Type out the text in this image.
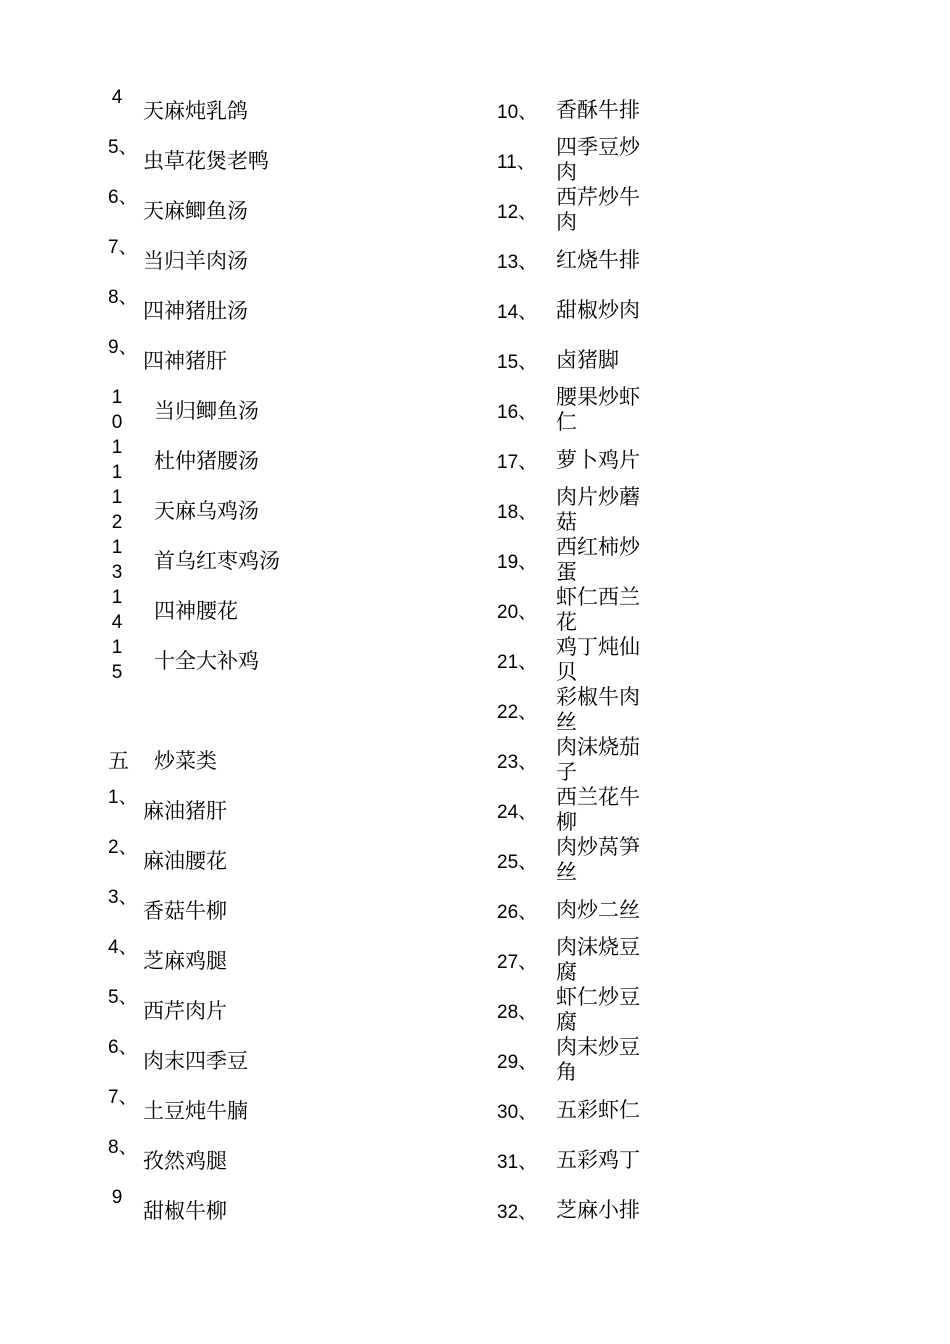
4
天麻炖乳鸽
5、
虫草花煲老鸭
6、
天麻鲫鱼汤
7、
当归羊肉汤
8、
四神猪肚汤
9、
四神猪肝
10 当归鲫鱼汤
11 杜仲猪腰汤
12 天麻乌鸡汤
13 首乌红枣鸡汤
14 四神腰花
15 十全大补鸡
五 炒菜类
1、
麻油猪肝
2、
麻油腰花
3、
香菇牛柳
4、
芝麻鸡腿
5、
西芹肉片
6、
肉末四季豆
7、
土豆炖牛腩
8、
孜然鸡腿
9
甜椒牛柳
10、 香酥牛排
11、
四季豆炒肉
12、
西芹炒牛肉
13、 红烧牛排
14、 甜椒炒肉
15、 卤猪脚
16、
腰果炒虾仁
17、 萝卜鸡片
18、
肉片炒蘑菇
19、
西红柿炒蛋
20、
虾仁西兰花
21、
鸡丁炖仙贝
22、
彩椒牛肉丝
23、
肉沫烧茄子
24、
西兰花牛柳
25、
肉炒莴笋丝
26、 肉炒二丝
27、
肉沫烧豆腐
28、
虾仁炒豆腐
29、
肉末炒豆角
30、 五彩虾仁
31、 五彩鸡丁
32、 芝麻小排
